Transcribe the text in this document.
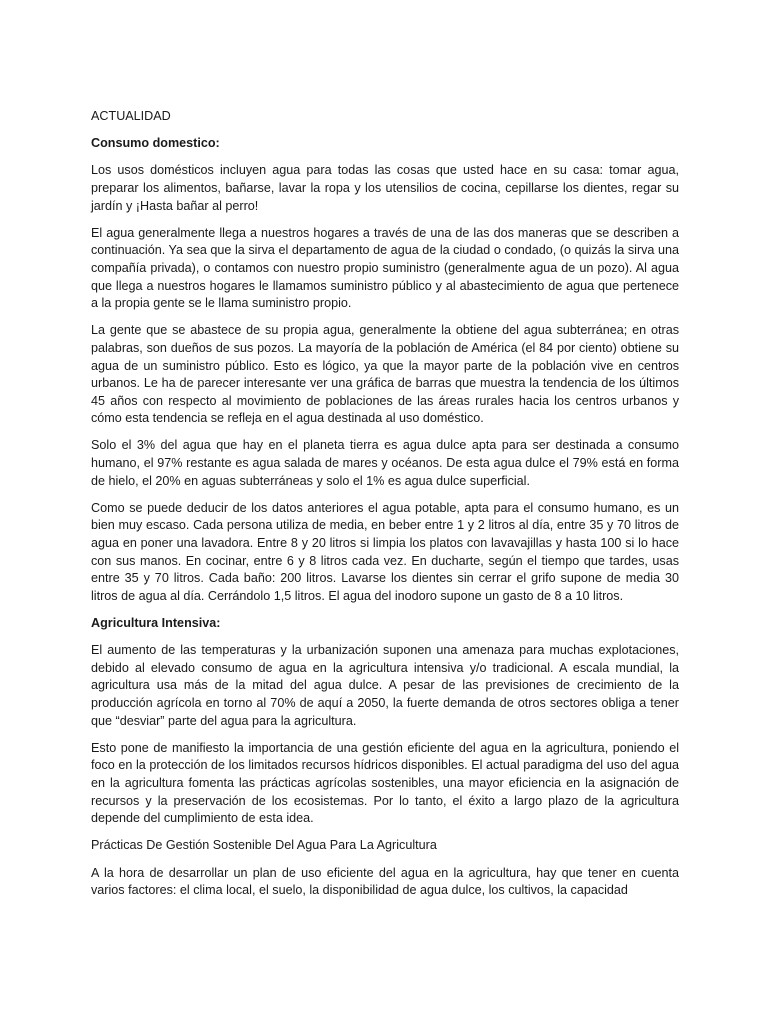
ACTUALIDAD

Consumo domestico:

Los usos domésticos incluyen agua para todas las cosas que usted hace en su casa: tomar agua, preparar los alimentos, bañarse, lavar la ropa y los utensilios de cocina, cepillarse los dientes, regar su jardín y ¡Hasta bañar al perro!

El agua generalmente llega a nuestros hogares a través de una de las dos maneras que se describen a continuación. Ya sea que la sirva el departamento de agua de la ciudad o condado, (o quizás la sirva una compañía privada), o contamos con nuestro propio suministro (generalmente agua de un pozo). Al agua que llega a nuestros hogares le llamamos suministro público y al abastecimiento de agua que pertenece a la propia gente se le llama suministro propio.

La gente que se abastece de su propia agua, generalmente la obtiene del agua subterránea; en otras palabras, son dueños de sus pozos. La mayoría de la población de América (el 84 por ciento) obtiene su agua de un suministro público. Esto es lógico, ya que la mayor parte de la población vive en centros urbanos. Le ha de parecer interesante ver una gráfica de barras que muestra la tendencia de los últimos 45 años con respecto al movimiento de poblaciones de las áreas rurales hacia los centros urbanos y cómo esta tendencia se refleja en el agua destinada al uso doméstico.

Solo el 3% del agua que hay en el planeta tierra es agua dulce apta para ser destinada a consumo humano, el 97% restante es agua salada de mares y océanos. De esta agua dulce el 79% está en forma de hielo, el 20% en aguas subterráneas y solo el 1% es agua dulce superficial.

Como se puede deducir de los datos anteriores el agua potable, apta para el consumo humano, es un bien muy escaso. Cada persona utiliza de media, en beber entre 1 y 2 litros al día, entre 35 y 70 litros de agua en poner una lavadora. Entre 8 y 20 litros si limpia los platos con lavavajillas y hasta 100 si lo hace con sus manos. En cocinar, entre 6 y 8 litros cada vez. En ducharte, según el tiempo que tardes, usas entre 35 y 70 litros. Cada baño: 200 litros. Lavarse los dientes sin cerrar el grifo supone de media 30 litros de agua al día. Cerrándolo 1,5 litros. El agua del inodoro supone un gasto de 8 a 10 litros.

Agricultura Intensiva:

El aumento de las temperaturas y la urbanización suponen una amenaza para muchas explotaciones, debido al elevado consumo de agua en la agricultura intensiva y/o tradicional. A escala mundial, la agricultura usa más de la mitad del agua dulce. A pesar de las previsiones de crecimiento de la producción agrícola en torno al 70% de aquí a 2050, la fuerte demanda de otros sectores obliga a tener que “desviar” parte del agua para la agricultura.

Esto pone de manifiesto la importancia de una gestión eficiente del agua en la agricultura, poniendo el foco en la protección de los limitados recursos hídricos disponibles. El actual paradigma del uso del agua en la agricultura fomenta las prácticas agrícolas sostenibles, una mayor eficiencia en la asignación de recursos y la preservación de los ecosistemas. Por lo tanto, el éxito a largo plazo de la agricultura depende del cumplimiento de esta idea.

Prácticas De Gestión Sostenible Del Agua Para La Agricultura

A la hora de desarrollar un plan de uso eficiente del agua en la agricultura, hay que tener en cuenta varios factores: el clima local, el suelo, la disponibilidad de agua dulce, los cultivos, la capacidad
